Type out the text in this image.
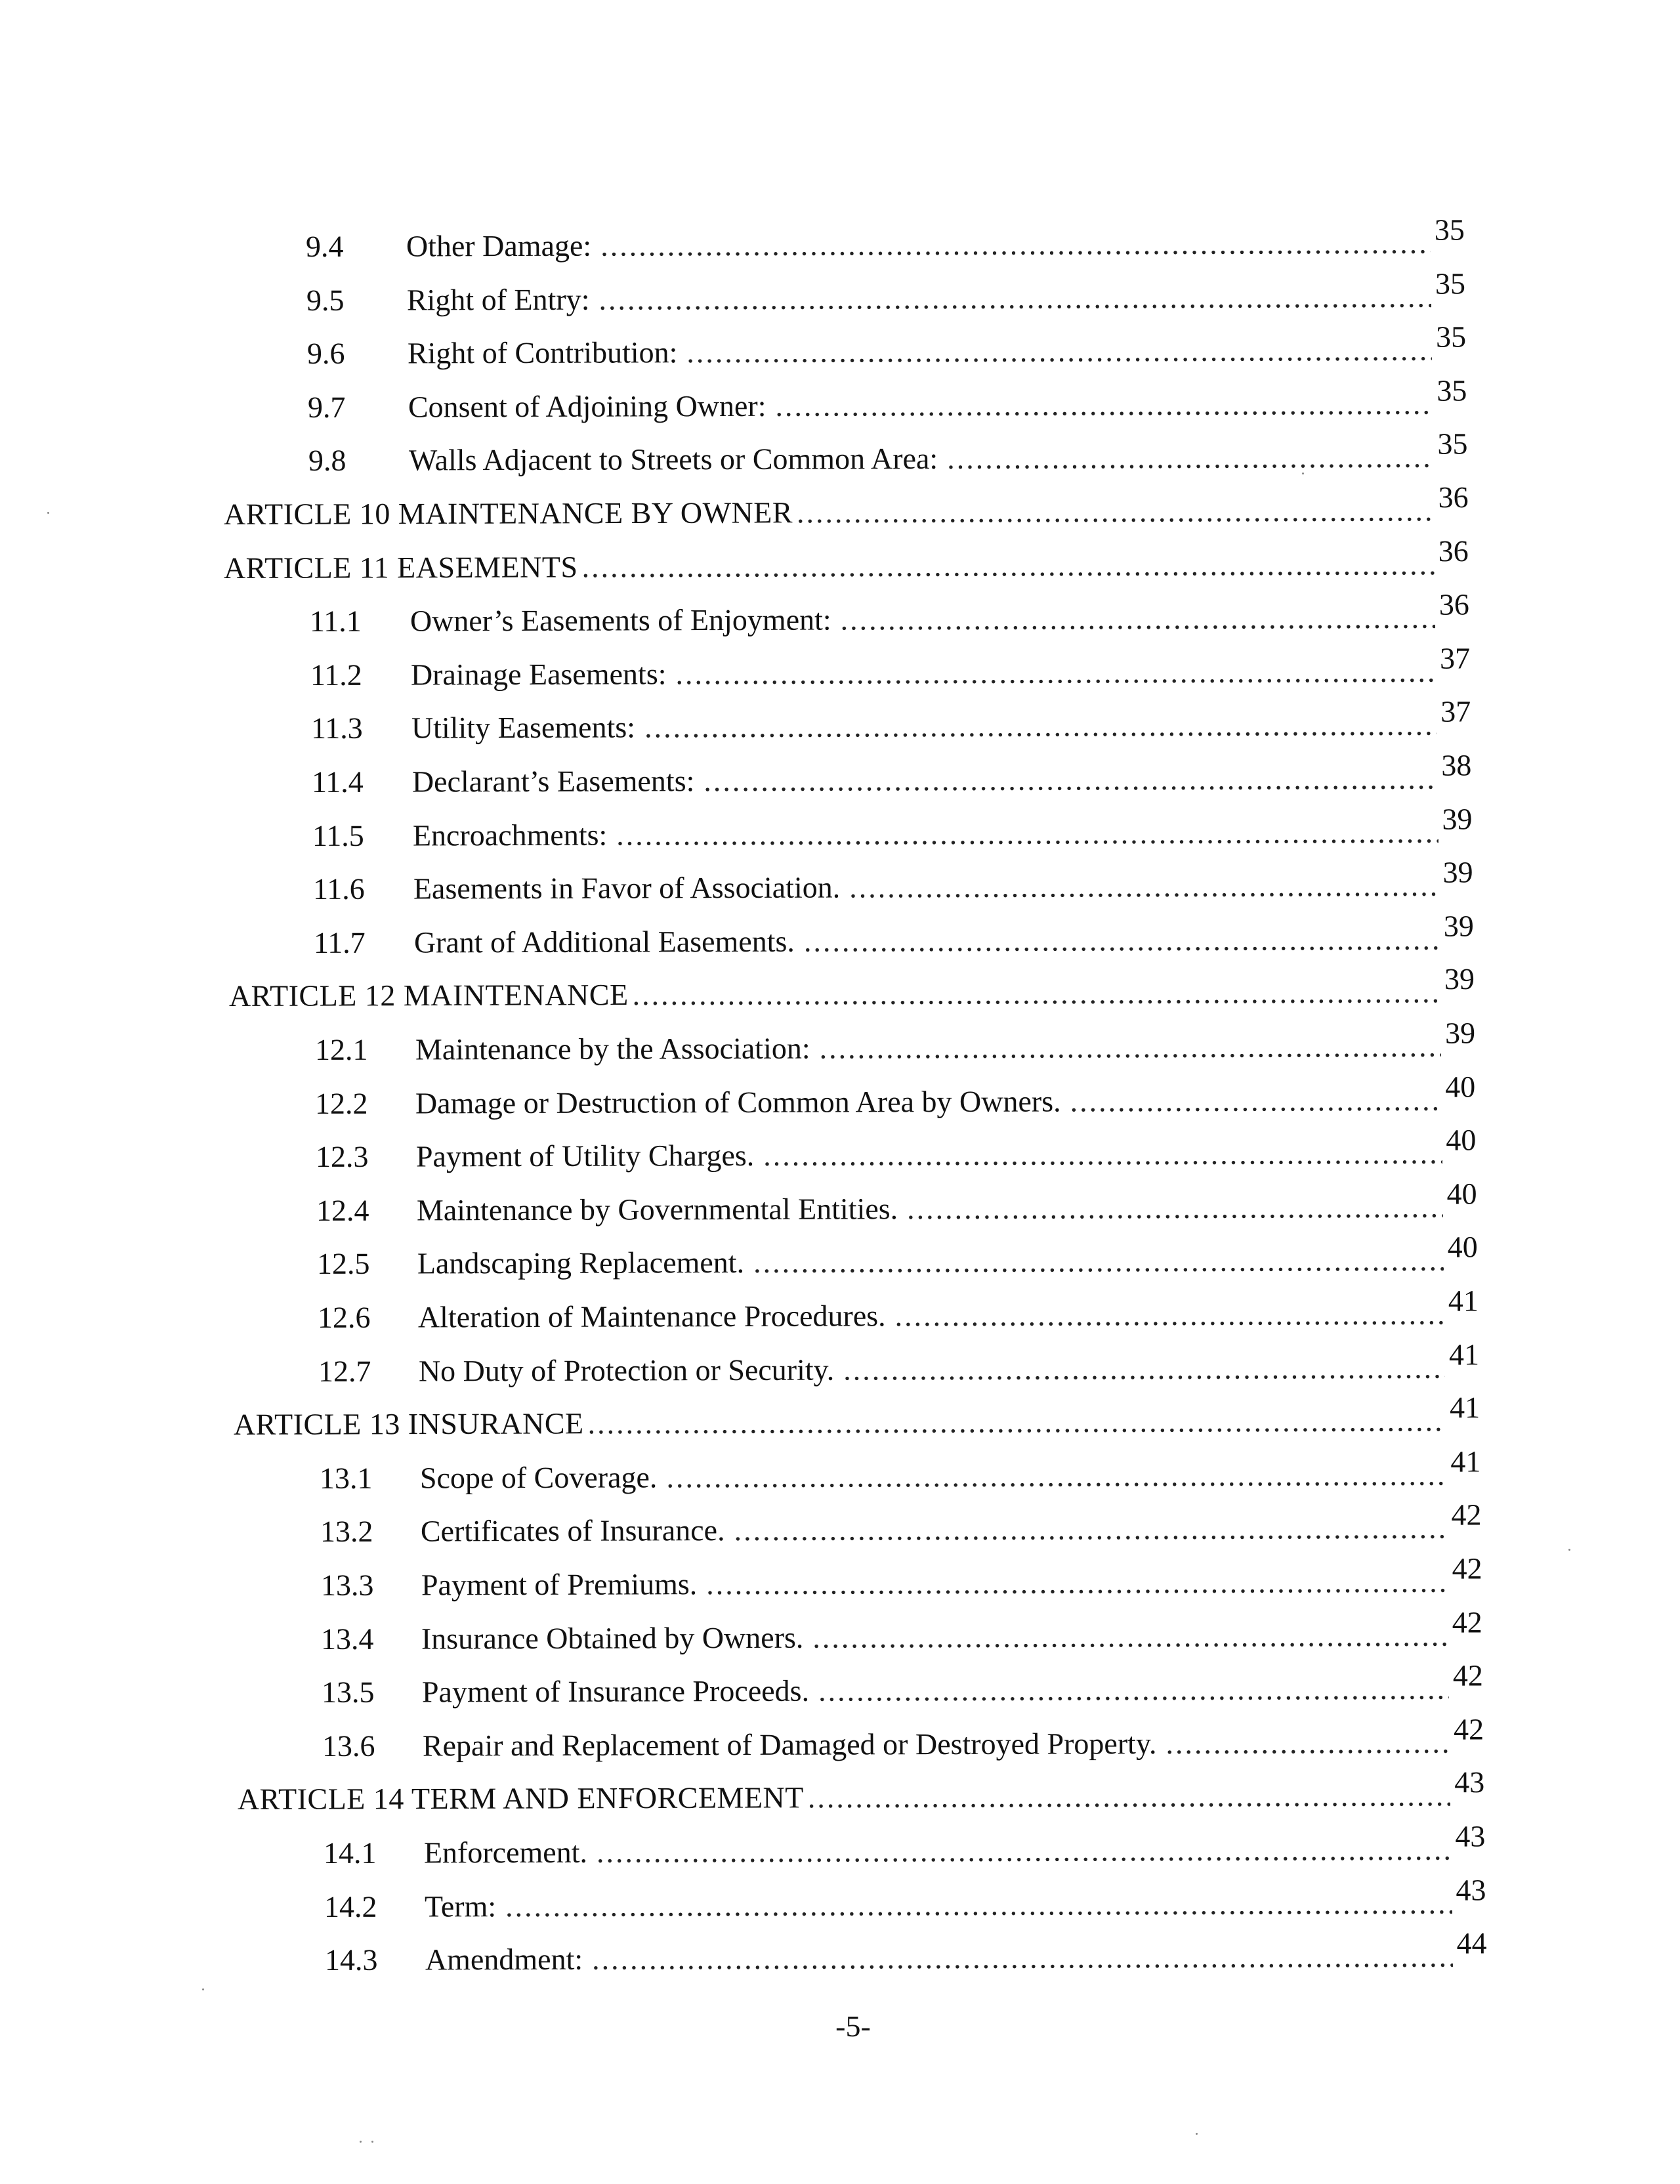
9.4	Other Damage: .....	35
9.5	Right of Entry: .....	35
9.6	Right of Contribution: .....	35
9.7	Consent of Adjoining Owner: .....	35
9.8	Walls Adjacent to Streets or Common Area: .....	35
ARTICLE 10 MAINTENANCE BY OWNER .....	36
ARTICLE 11 EASEMENTS .....	36
11.1	Owner’s Easements of Enjoyment: .....	36
11.2	Drainage Easements: .....	37
11.3	Utility Easements: .....	37
11.4	Declarant’s Easements: .....	38
11.5	Encroachments: .....	39
11.6	Easements in Favor of Association. .....	39
11.7	Grant of Additional Easements. .....	39
ARTICLE 12 MAINTENANCE .....	39
12.1	Maintenance by the Association: .....	39
12.2	Damage or Destruction of Common Area by Owners. .....	40
12.3	Payment of Utility Charges. .....	40
12.4	Maintenance by Governmental Entities. .....	40
12.5	Landscaping Replacement. .....	40
12.6	Alteration of Maintenance Procedures. .....	41
12.7	No Duty of Protection or Security. .....	41
ARTICLE 13 INSURANCE .....	41
13.1	Scope of Coverage. .....	41
13.2	Certificates of Insurance. .....	42
13.3	Payment of Premiums. .....	42
13.4	Insurance Obtained by Owners. .....	42
13.5	Payment of Insurance Proceeds. .....	42
13.6	Repair and Replacement of Damaged or Destroyed Property. .....	42
ARTICLE 14 TERM AND ENFORCEMENT .....	43
14.1	Enforcement. .....	43
14.2	Term: .....	43
14.3	Amendment: .....	44
-5-
